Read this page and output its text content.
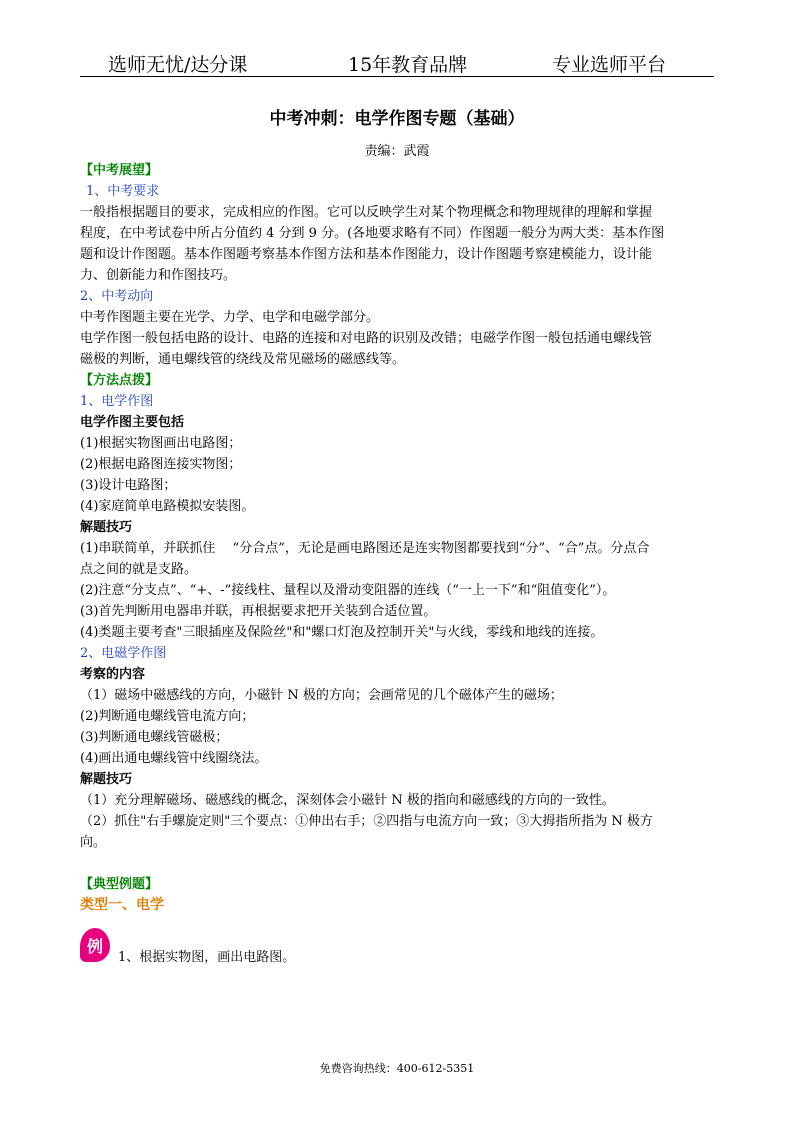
选师无忧/达分课	15年教育品牌	专业选师平台
中考冲刺：电学作图专题（基础）
责编：武霞

【中考展望】

1、中考要求

一般指根据题目的要求，完成相应的作图。它可以反映学生对某个物理概念和物理规律的理解和掌握

程度，在中考试卷中所占分值约 4 分到 9 分。(各地要求略有不同）作图题一般分为两大类：基本作图

题和设计作图题。基本作图题考察基本作图方法和基本作图能力，设计作图题考察建模能力，设计能

力、创新能力和作图技巧。

2、中考动向

中考作图题主要在光学、力学、电学和电磁学部分。

电学作图一般包括电路的设计、电路的连接和对电路的识别及改错；电磁学作图一般包括通电螺线管

磁极的判断，通电螺线管的绕线及常见磁场的磁感线等。

【方法点拨】

1、电学作图

电学作图主要包括

(1)根据实物图画出电路图；

(2)根据电路图连接实物图；

(3)设计电路图；

(4)家庭简单电路模拟安装图。

解题技巧

(1)串联简单，并联抓住　 “分合点”，无论是画电路图还是连实物图都要找到“分”、“合”点。分点合

点之间的就是支路。

(2)注意“分支点”、“+、-”接线柱、量程以及滑动变阻器的连线（“一上一下”和“阻值变化”）。

(3)首先判断用电器串并联，再根据要求把开关装到合适位置。

(4)类题主要考查"三眼插座及保险丝"和"螺口灯泡及控制开关"与火线，零线和地线的连接。

2、电磁学作图

考察的内容

（1）磁场中磁感线的方向，小磁针 N 极的方向；会画常见的几个磁体产生的磁场；

(2)判断通电螺线管电流方向；

(3)判断通电螺线管磁极；

(4)画出通电螺线管中线圈绕法。

解题技巧

（1）充分理解磁场、磁感线的概念，深刻体会小磁针 N 极的指向和磁感线的方向的一致性。

（2）抓住"右手螺旋定则"三个要点：①伸出右手；②四指与电流方向一致；③大拇指所指为 N 极方

向。

【典型例题】

类型一、电学

例
1、根据实物图，画出电路图。
免费咨询热线：400-612-5351
